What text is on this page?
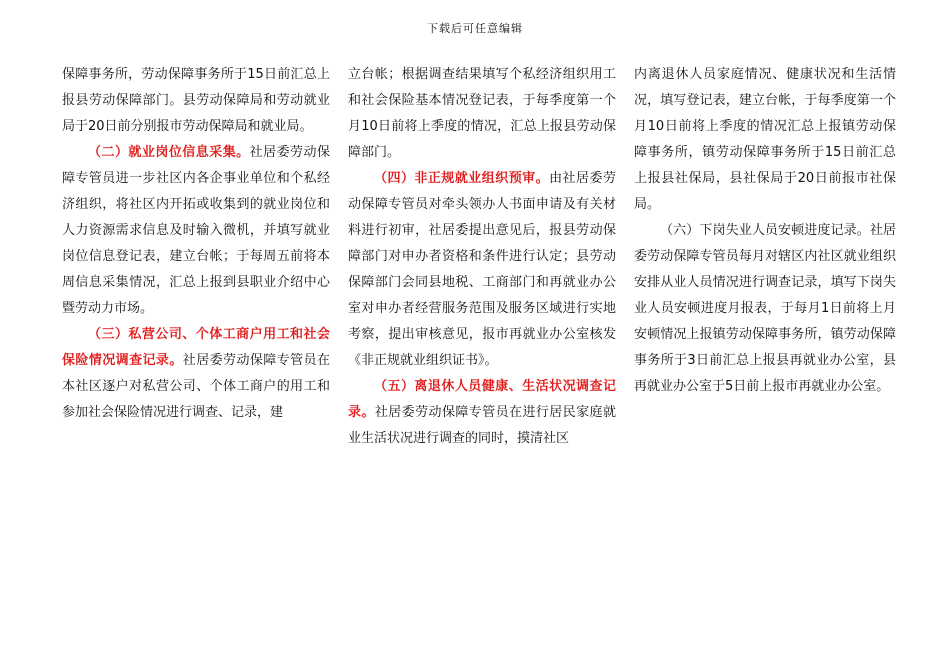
下载后可任意编辑

保障事务所，劳动保障事务所于15日前汇总上报县劳动保障部门。县劳动保障局和劳动就业局于20日前分别报市劳动保障局和就业局。

（二）就业岗位信息采集。社居委劳动保障专管员进一步社区内各企事业单位和个私经济组织，将社区内开拓或收集到的就业岗位和人力资源需求信息及时输入微机，并填写就业岗位信息登记表，建立台帐；于每周五前将本周信息采集情况，汇总上报到县职业介绍中心暨劳动力市场。

（三）私营公司、个体工商户用工和社会保险情况调查记录。社居委劳动保障专管员在本社区逐户对私营公司、个体工商户的用工和参加社会保险情况进行调查、记录，建

立台帐；根据调查结果填写个私经济组织用工和社会保险基本情况登记表，于每季度第一个月10日前将上季度的情况，汇总上报县劳动保障部门。

（四）非正规就业组织预审。由社居委劳动保障专管员对牵头领办人书面申请及有关材料进行初审，社居委提出意见后，报县劳动保障部门对申办者资格和条件进行认定；县劳动保障部门会同县地税、工商部门和再就业办公室对申办者经营服务范围及服务区域进行实地考察，提出审核意见，报市再就业办公室核发《非正规就业组织证书》。

（五）离退休人员健康、生活状况调查记录。社居委劳动保障专管员在进行居民家庭就业生活状况进行调查的同时，摸清社区

内离退休人员家庭情况、健康状况和生活情况，填写登记表，建立台帐，于每季度第一个月10日前将上季度的情况汇总上报镇劳动保障事务所，镇劳动保障事务所于15日前汇总上报县社保局，县社保局于20日前报市社保局。

（六）下岗失业人员安顿进度记录。社居委劳动保障专管员每月对辖区内社区就业组织安排从业人员情况进行调查记录，填写下岗失业人员安顿进度月报表，于每月1日前将上月安顿情况上报镇劳动保障事务所，镇劳动保障事务所于3日前汇总上报县再就业办公室，县再就业办公室于5日前上报市再就业办公室。
